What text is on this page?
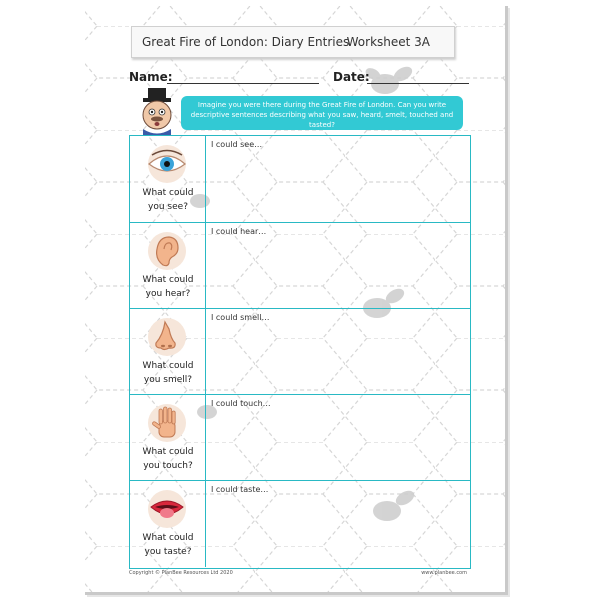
Great Fire of London: Diary Entries
Worksheet 3A
Name:	Date:
Imagine you were there during the Great Fire of London. Can you write descriptive sentences describing what you saw, heard, smelt, touched and tasted?
What could
you see?
I could see…
What could
you hear?
I could hear…
What could
you smell?
I could smell…
What could
you touch?
I could touch…
What could
you taste?
I could taste…
Copyright © PlanBee Resources Ltd 2020	www.planbee.com
